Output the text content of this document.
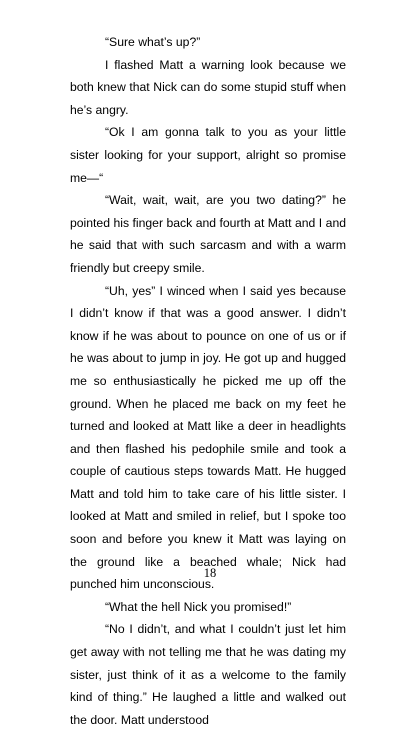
“Sure what’s up?”

I flashed Matt a warning look because we both knew that Nick can do some stupid stuff when he’s angry.

“Ok I am gonna talk to you as your little sister looking for your support, alright so promise me—“

“Wait, wait, wait, are you two dating?” he pointed his finger back and fourth at Matt and I and he said that with such sarcasm and with a warm friendly but creepy smile.

“Uh, yes” I winced when I said yes because I didn’t know if that was a good answer. I didn’t know if he was about to pounce on one of us or if he was about to jump in joy. He got up and hugged me so enthusiastically he picked me up off the ground. When he placed me back on my feet he turned and looked at Matt like a deer in headlights and then flashed his pedophile smile and took a couple of cautious steps towards Matt. He hugged Matt and told him to take care of his little sister. I looked at Matt and smiled in relief, but I spoke too soon and before you knew it Matt was laying on the ground like a beached whale; Nick had punched him unconscious.

“What the hell Nick you promised!”

“No I didn’t, and what I couldn’t just let him get away with not telling me that he was dating my sister, just think of it as a welcome to the family kind of thing.” He laughed a little and walked out the door. Matt understood

18
